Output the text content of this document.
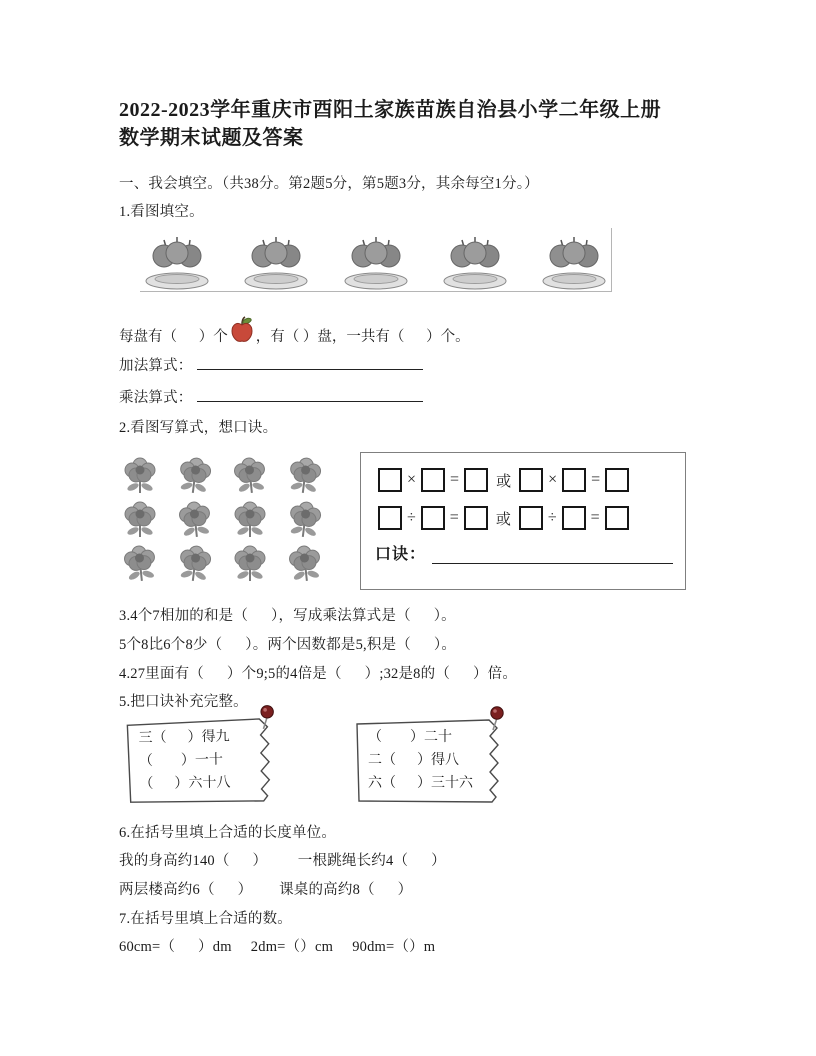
2022-2023学年重庆市酉阳土家族苗族自治县小学二年级上册
数学期末试题及答案
一、我会填空。（共38分。第2题5分，第5题3分，其余每空1分。）
1.看图填空。
每盘有（      ）个 ，有（ ）盘，一共有（      ）个。
加法算式：
乘法算式：
2.看图写算式，想口诀。
× = 或 × =
÷ = 或 ÷ =
口诀：
3.4个7相加的和是（      ），写成乘法算式是（      ）。
5个8比6个8少（      ）。两个因数都是5,积是（      ）。
4.27里面有（      ）个9;5的4倍是（      ）;32是8的（      ）倍。
5.把口诀补充完整。
三（      ）得九
（        ）一十
（      ）六十八
（        ）二十
二（      ）得八
六（      ）三十六
6.在括号里填上合适的长度单位。
我的身高约140（      ）        一根跳绳长约4（      ）
两层楼高约6（      ）       课桌的高约8（      ）
7.在括号里填上合适的数。
60cm=（      ）dm     2dm=（）cm     90dm=（）m
